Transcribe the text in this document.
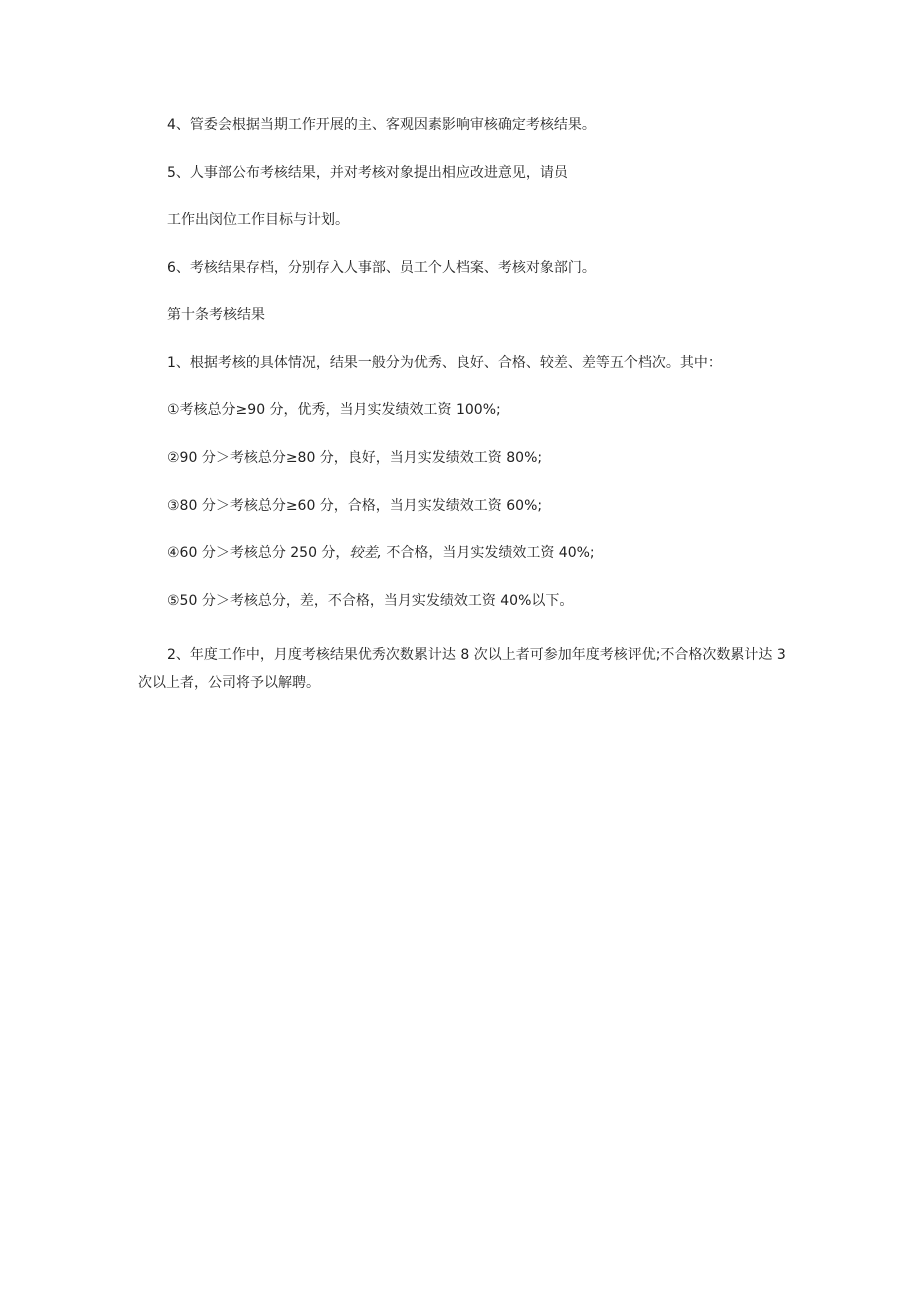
4、管委会根据当期工作开展的主、客观因素影响审核确定考核结果。
5、人事部公布考核结果，并对考核对象提出相应改进意见，请员
工作出闵位工作目标与计划。
6、考核结果存档，分别存入人事部、员工个人档案、考核对象部门。
第十条考核结果
1、根据考核的具体情况，结果一般分为优秀、良好、合格、较差、差等五个档次。其中：
①考核总分≥90 分，优秀，当月实发绩效工资 100%;
②90 分＞考核总分≥80 分，良好，当月实发绩效工资 80%;
③80 分＞考核总分≥60 分，合格，当月实发绩效工资 60%;
④60 分＞考核总分 250 分，较差, 不合格，当月实发绩效工资 40%;
⑤50 分＞考核总分，差，不合格，当月实发绩效工资 40%以下。
2、年度工作中，月度考核结果优秀次数累计达 8 次以上者可参加年度考核评优;不合格次数累计达 3 次以上者，公司将予以解聘。
